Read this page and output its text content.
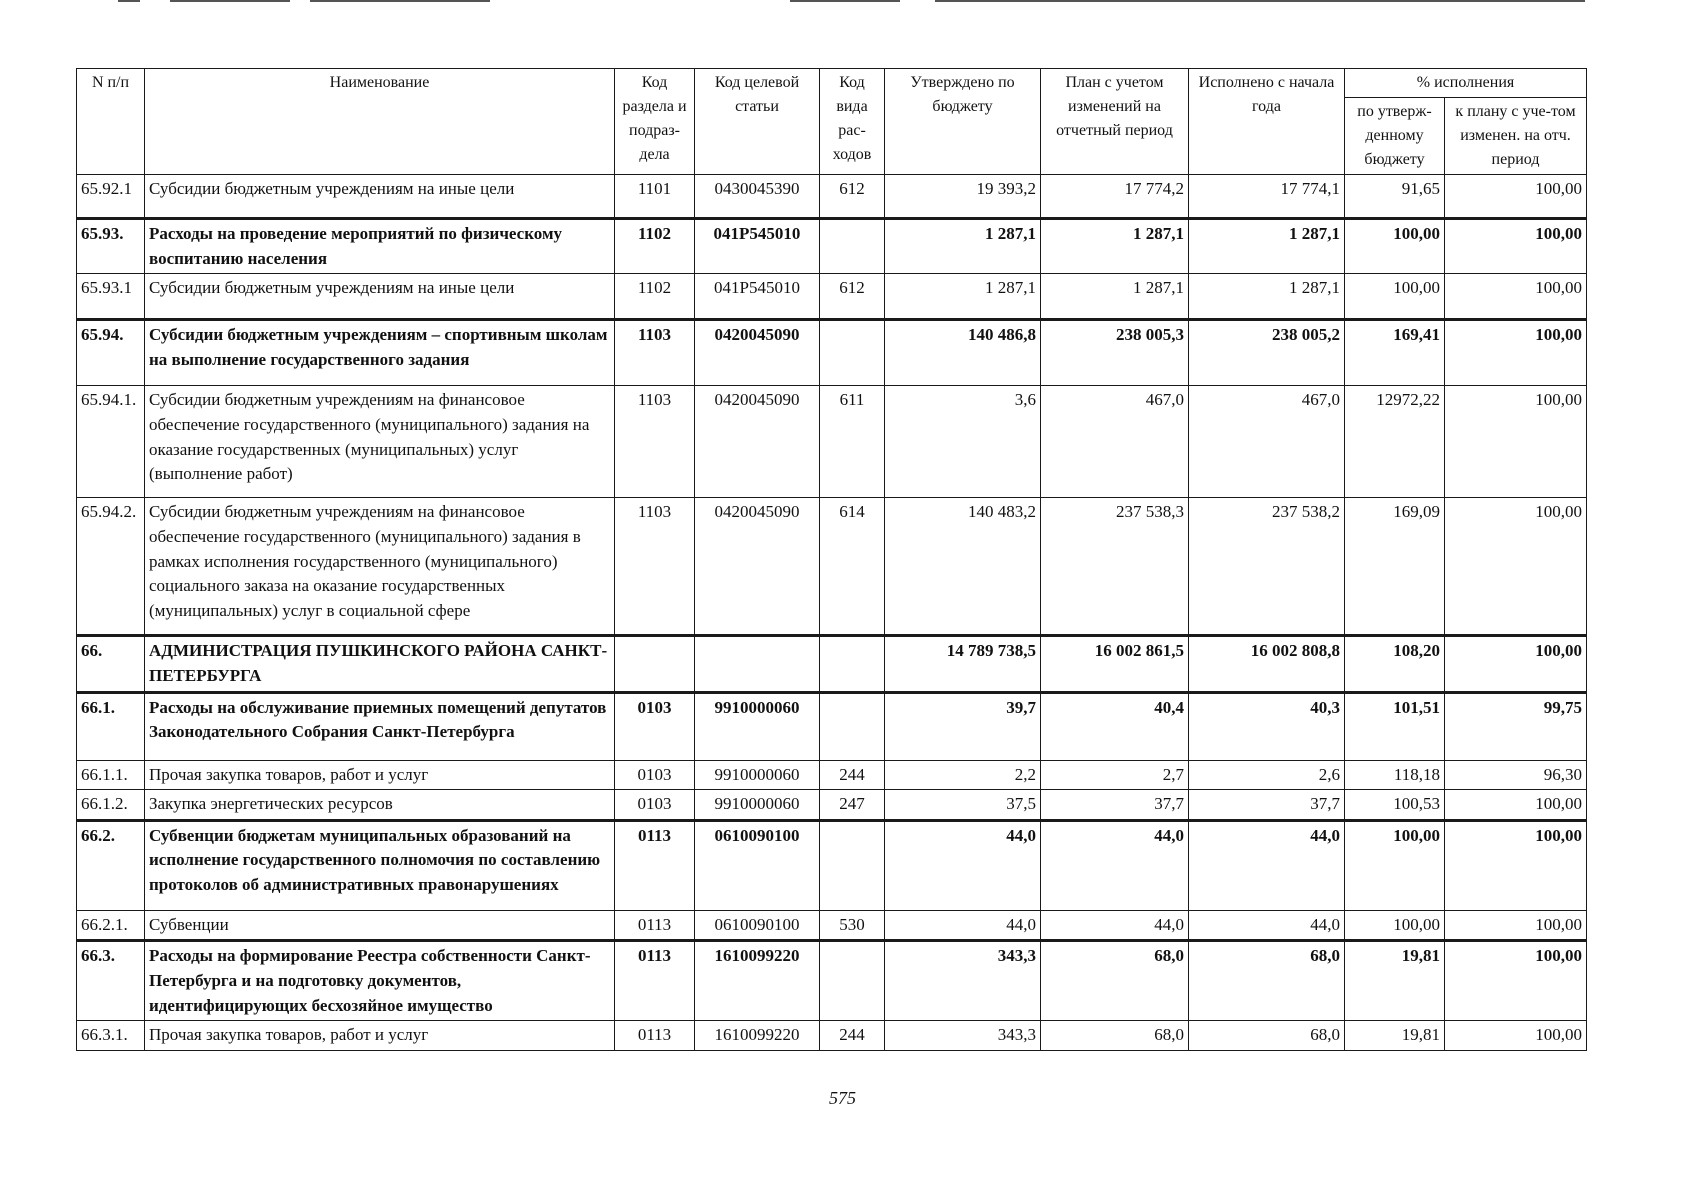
N п/п	Наименование	Код раздела и подраз-дела	Код целевой статьи	Код вида рас-ходов	Утверждено по бюджету	План с учетом изменений на отчетный период	Исполнено с начала года	% исполнения	
								по утверж-денному бюджету	к плану с уче-том изменен. на отч. период
65.92.1	Субсидии бюджетным учреждениям на иные цели	1101	0430045390	612	19 393,2	17 774,2	17 774,1	91,65	100,00
65.93.	Расходы на проведение мероприятий по физическому воспитанию населения	1102	041P545010		1 287,1	1 287,1	1 287,1	100,00	100,00
65.93.1	Субсидии бюджетным учреждениям на иные цели	1102	041P545010	612	1 287,1	1 287,1	1 287,1	100,00	100,00
65.94.	Субсидии бюджетным учреждениям – спортивным школам на выполнение государственного задания	1103	0420045090		140 486,8	238 005,3	238 005,2	169,41	100,00
65.94.1.	Субсидии бюджетным учреждениям на финансовое обеспечение государственного (муниципального) задания на оказание государственных (муниципальных) услуг (выполнение работ)	1103	0420045090	611	3,6	467,0	467,0	12972,22	100,00
65.94.2.	Субсидии бюджетным учреждениям на финансовое обеспечение государственного (муниципального) задания в рамках исполнения государственного (муниципального) социального заказа на оказание государственных (муниципальных) услуг в социальной сфере	1103	0420045090	614	140 483,2	237 538,3	237 538,2	169,09	100,00
66.	АДМИНИСТРАЦИЯ ПУШКИНСКОГО РАЙОНА САНКТ-ПЕТЕРБУРГА				14 789 738,5	16 002 861,5	16 002 808,8	108,20	100,00
66.1.	Расходы на обслуживание приемных помещений депутатов Законодательного Собрания Санкт-Петербурга	0103	9910000060		39,7	40,4	40,3	101,51	99,75
66.1.1.	Прочая закупка товаров, работ и услуг	0103	9910000060	244	2,2	2,7	2,6	118,18	96,30
66.1.2.	Закупка энергетических ресурсов	0103	9910000060	247	37,5	37,7	37,7	100,53	100,00
66.2.	Субвенции бюджетам муниципальных образований на исполнение государственного полномочия по составлению протоколов об административных правонарушениях	0113	0610090100		44,0	44,0	44,0	100,00	100,00
66.2.1.	Субвенции	0113	0610090100	530	44,0	44,0	44,0	100,00	100,00
66.3.	Расходы на формирование Реестра собственности Санкт-Петербурга и на подготовку документов, идентифицирующих бесхозяйное имущество	0113	1610099220		343,3	68,0	68,0	19,81	100,00
66.3.1.	Прочая закупка товаров, работ и услуг	0113	1610099220	244	343,3	68,0	68,0	19,81	100,00
575
